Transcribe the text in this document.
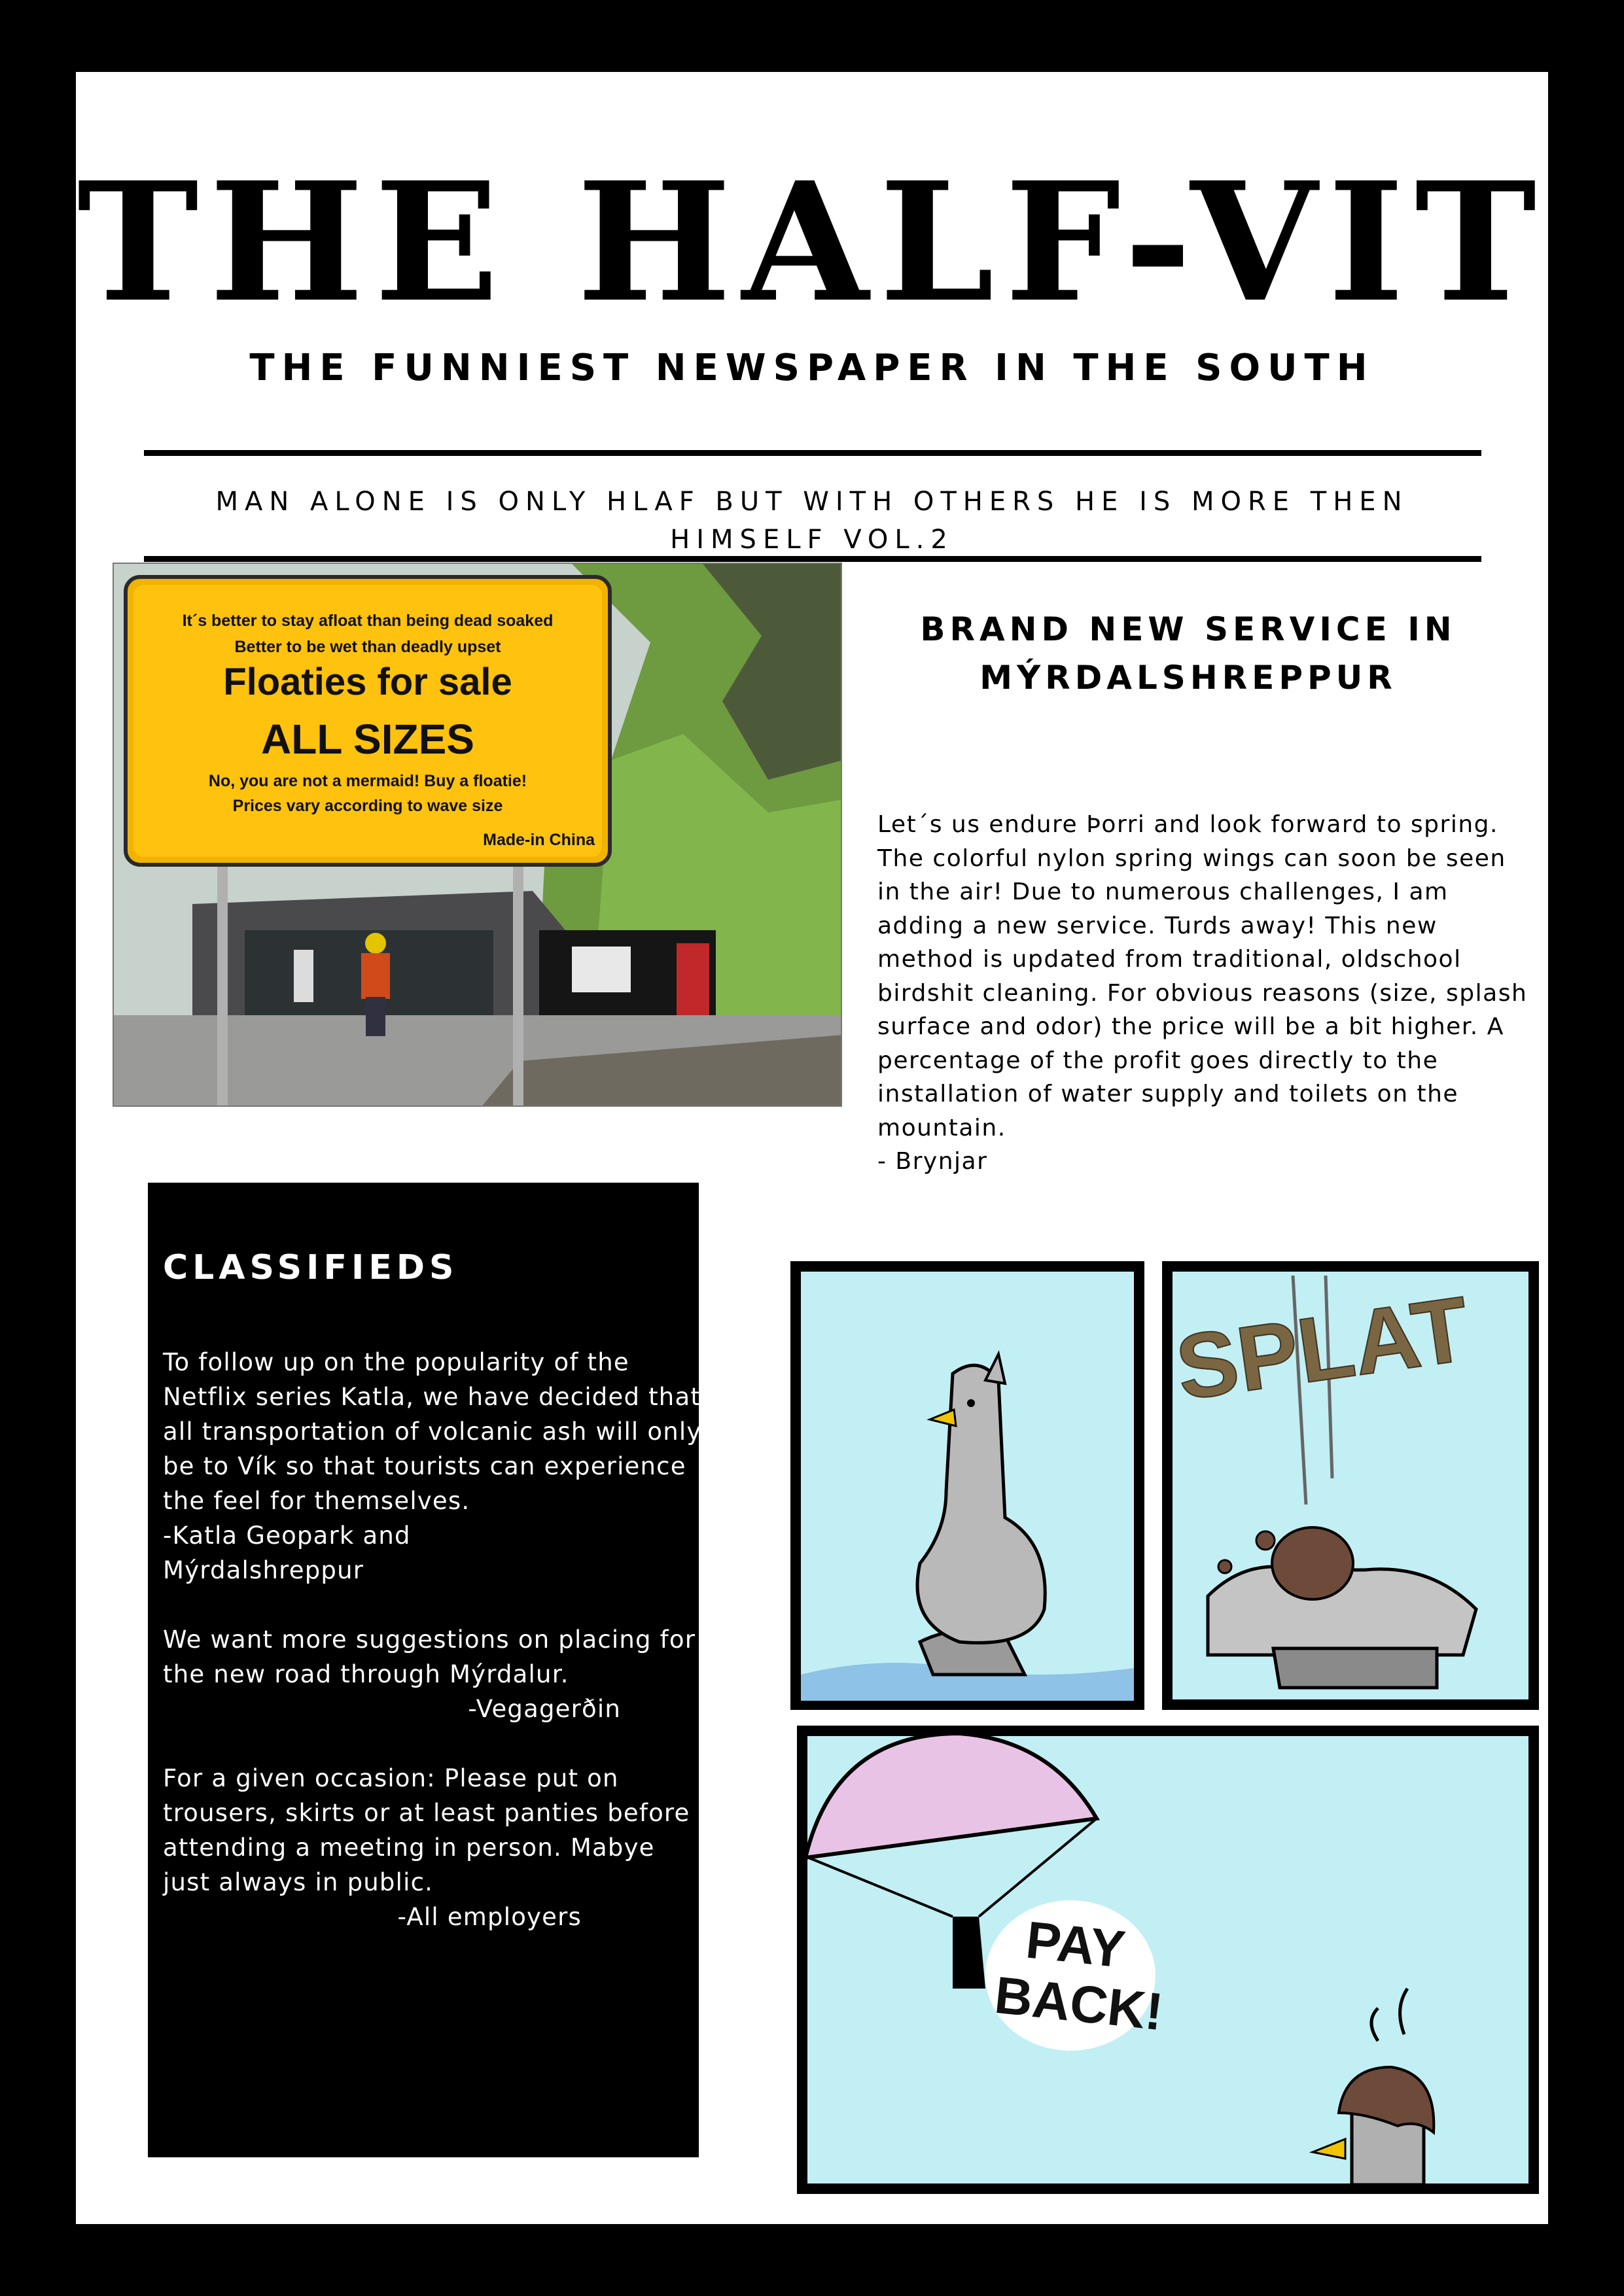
THE HALF-VIT
THE FUNNIEST NEWSPAPER IN THE SOUTH
MAN ALONE IS ONLY HLAF BUT WITH OTHERS HE IS MORE THEN HIMSELF VOL.2
It´s better to stay afloat than being dead soaked
Better to be wet than deadly upset
Floaties for sale
ALL SIZES
No, you are not a mermaid! Buy a floatie!
Prices vary according to wave size
Made-in China
BRAND NEW SERVICE IN MÝRDALSHREPPUR

Let´s us endure Þorri and look forward to spring. The colorful nylon spring wings can soon be seen in the air! Due to numerous challenges, I am adding a new service. Turds away! This new method is updated from traditional, oldschool birdshit cleaning. For obvious reasons (size, splash surface and odor) the price will be a bit higher. A percentage of the profit goes directly to the installation of water supply and toilets on the mountain.

- Brynjar

CLASSIFIEDS

To follow up on the popularity of the Netflix series Katla, we have decided that all transportation of volcanic ash will only be to Vík so that tourists can experience the feel for themselves.

-Katla Geopark and Mýrdalshreppur

We want more suggestions on placing for the new road through Mýrdalur.

-Vegagerðin

For a given occasion: Please put on trousers, skirts or at least panties before attending a meeting in person. Mabye just always in public.

-All employers

SPLAT
PAY
BACK!
